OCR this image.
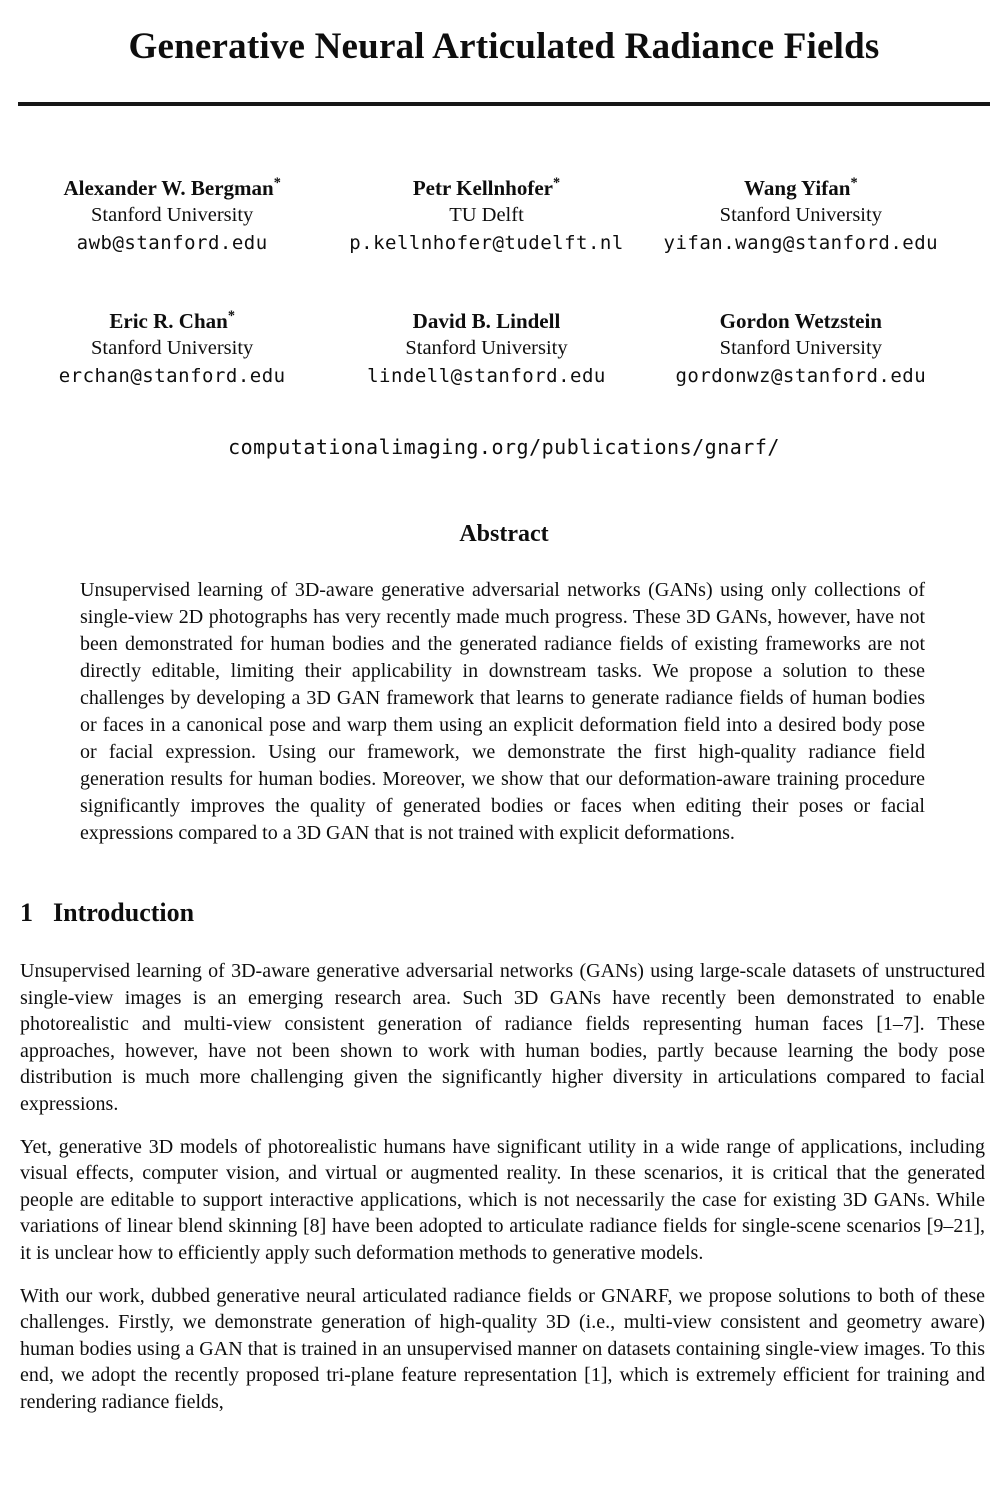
Generative Neural Articulated Radiance Fields
Alexander W. Bergman*
Stanford University
awb@stanford.edu
Petr Kellnhofer*
TU Delft
p.kellnhofer@tudelft.nl
Wang Yifan*
Stanford University
yifan.wang@stanford.edu
Eric R. Chan*
Stanford University
erchan@stanford.edu
David B. Lindell
Stanford University
lindell@stanford.edu
Gordon Wetzstein
Stanford University
gordonwz@stanford.edu
computationalimaging.org/publications/gnarf/
Abstract

Unsupervised learning of 3D-aware generative adversarial networks (GANs) using only collections of single-view 2D photographs has very recently made much progress. These 3D GANs, however, have not been demonstrated for human bodies and the generated radiance fields of existing frameworks are not directly editable, limiting their applicability in downstream tasks. We propose a solution to these challenges by developing a 3D GAN framework that learns to generate radiance fields of human bodies or faces in a canonical pose and warp them using an explicit deformation field into a desired body pose or facial expression. Using our framework, we demonstrate the first high-quality radiance field generation results for human bodies. Moreover, we show that our deformation-aware training procedure significantly improves the quality of generated bodies or faces when editing their poses or facial expressions compared to a 3D GAN that is not trained with explicit deformations.

1 Introduction

Unsupervised learning of 3D-aware generative adversarial networks (GANs) using large-scale datasets of unstructured single-view images is an emerging research area. Such 3D GANs have recently been demonstrated to enable photorealistic and multi-view consistent generation of radiance fields representing human faces [1–7]. These approaches, however, have not been shown to work with human bodies, partly because learning the body pose distribution is much more challenging given the significantly higher diversity in articulations compared to facial expressions.

Yet, generative 3D models of photorealistic humans have significant utility in a wide range of applications, including visual effects, computer vision, and virtual or augmented reality. In these scenarios, it is critical that the generated people are editable to support interactive applications, which is not necessarily the case for existing 3D GANs. While variations of linear blend skinning [8] have been adopted to articulate radiance fields for single-scene scenarios [9–21], it is unclear how to efficiently apply such deformation methods to generative models.

With our work, dubbed generative neural articulated radiance fields or GNARF, we propose solutions to both of these challenges. Firstly, we demonstrate generation of high-quality 3D (i.e., multi-view consistent and geometry aware) human bodies using a GAN that is trained in an unsupervised manner on datasets containing single-view images. To this end, we adopt the recently proposed tri-plane feature representation [1], which is extremely efficient for training and rendering radiance fields,
